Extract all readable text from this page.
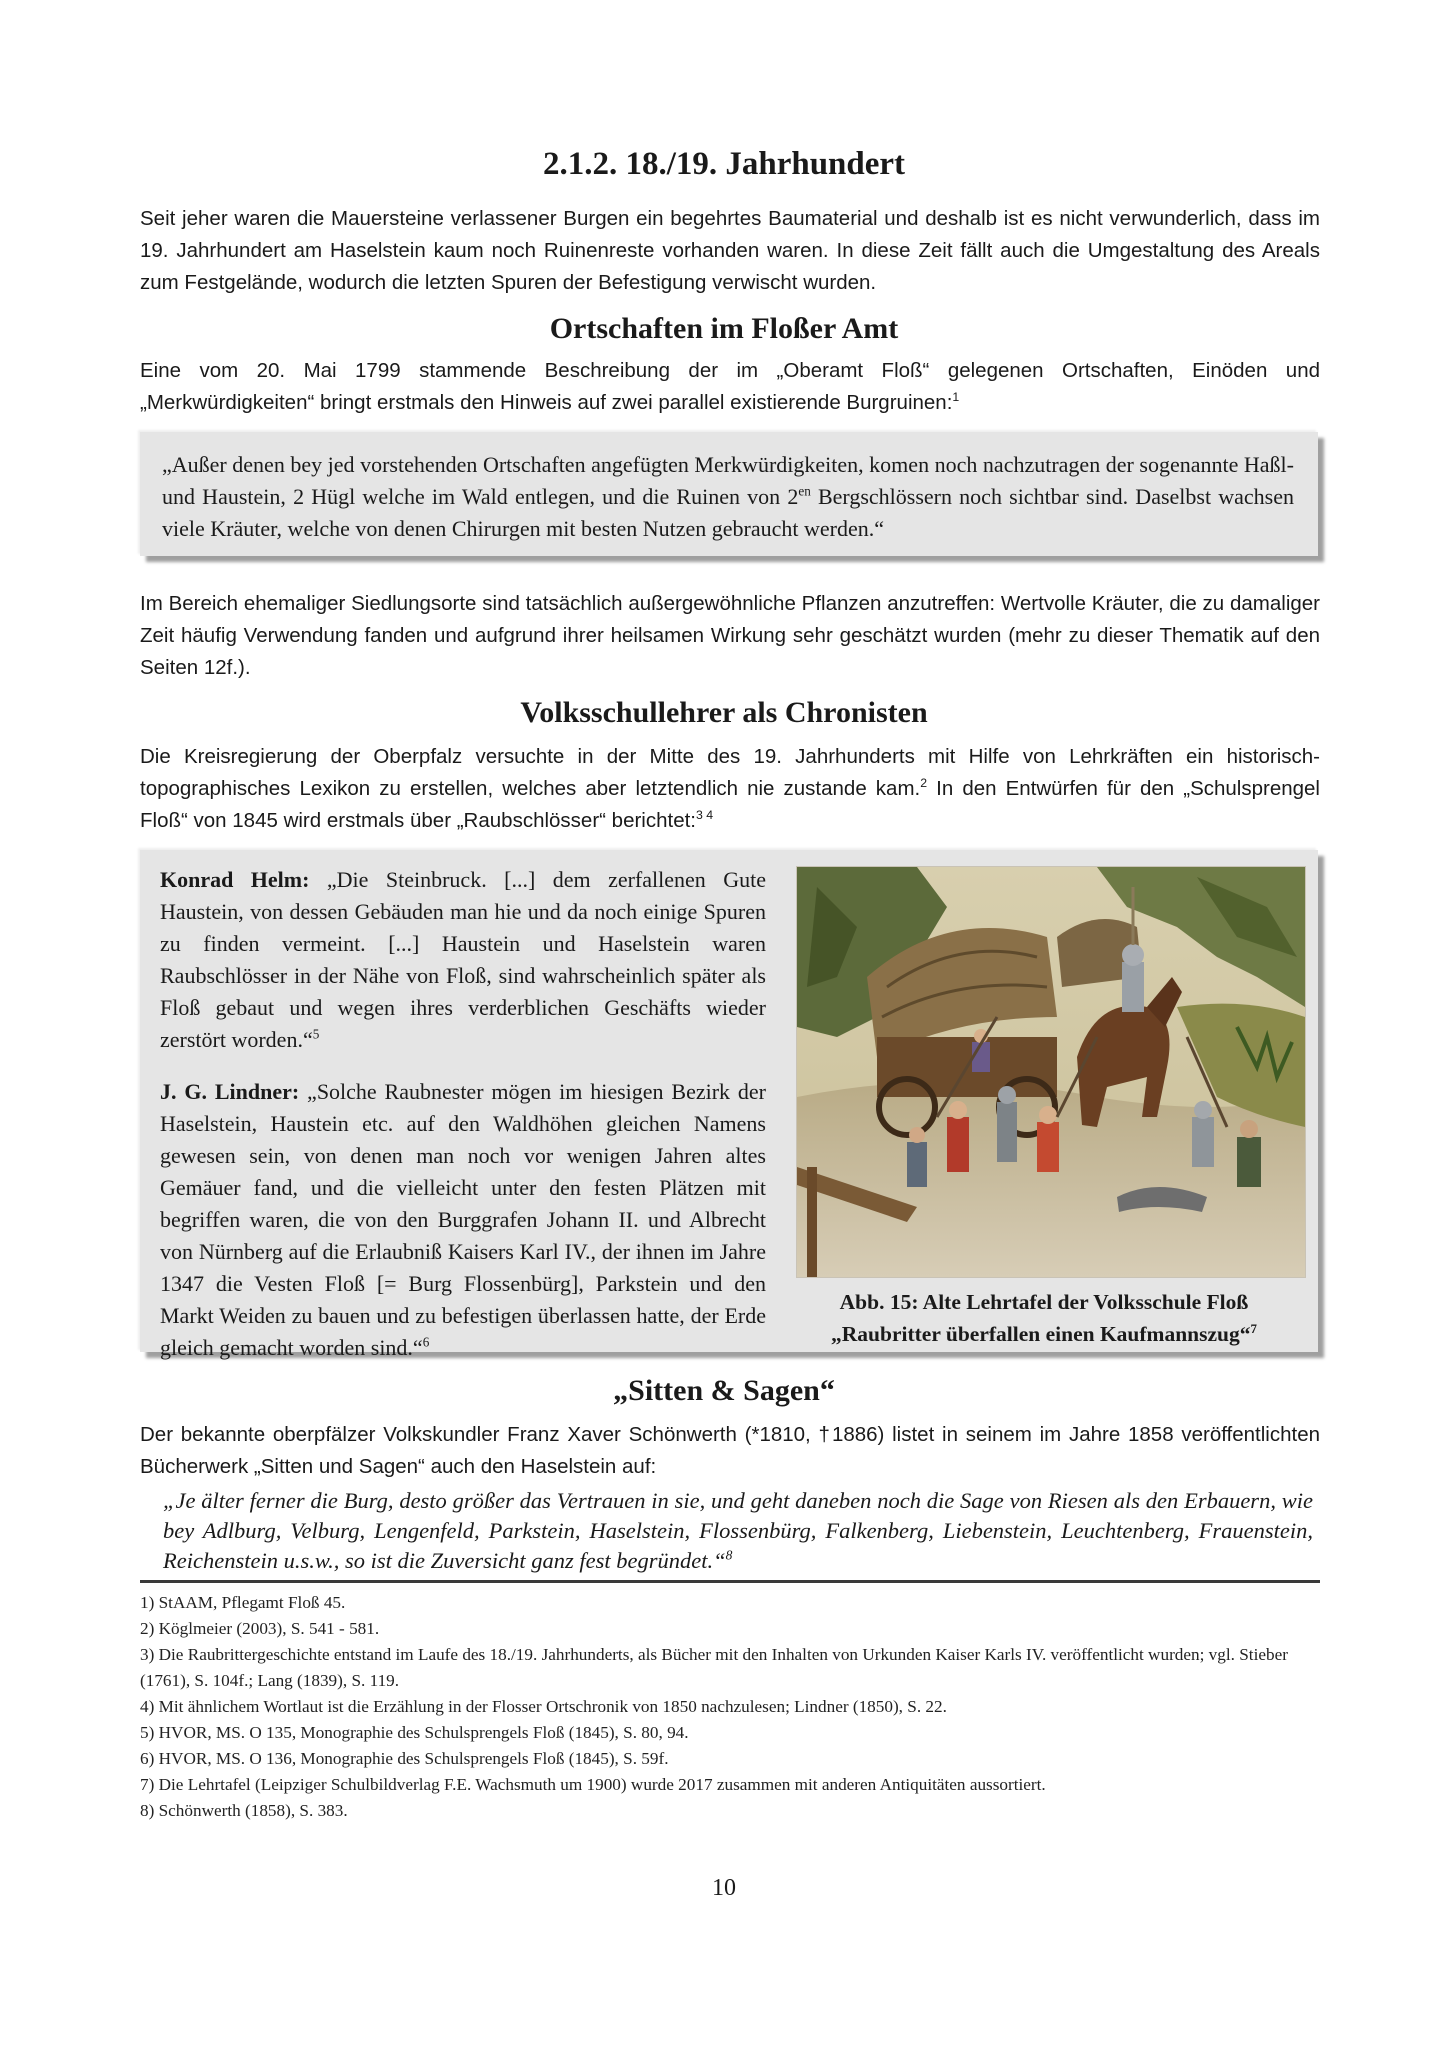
2.1.2. 18./19. Jahrhundert

Seit jeher waren die Mauersteine verlassener Burgen ein begehrtes Baumaterial und deshalb ist es nicht verwunderlich, dass im 19. Jahrhundert am Haselstein kaum noch Ruinenreste vorhanden waren. In diese Zeit fällt auch die Umgestaltung des Areals zum Festgelände, wodurch die letzten Spuren der Befestigung verwischt wurden.

Ortschaften im Floßer Amt

Eine vom 20. Mai 1799 stammende Beschreibung der im „Oberamt Floß“ gelegenen Ortschaften, Einöden und „Merkwürdigkeiten“ bringt erstmals den Hinweis auf zwei parallel existierende Burgruinen:$^1$

„Außer denen bey jed vorstehenden Ortschaften angefügten Merkwürdigkeiten, komen noch nachzutragen der sogenannte Haßl- und Haustein, 2 Hügl welche im Wald entlegen, und die Ruinen von $2^{en}$ Bergschlössern noch sichtbar sind. Daselbst wachsen viele Kräuter, welche von denen Chirurgen mit besten Nutzen gebraucht werden.“

Im Bereich ehemaliger Siedlungsorte sind tatsächlich außergewöhnliche Pflanzen anzutreffen: Wertvolle Kräuter, die zu damaliger Zeit häufig Verwendung fanden und aufgrund ihrer heilsamen Wirkung sehr geschätzt wurden (mehr zu dieser Thematik auf den Seiten 12f.).

Volksschullehrer als Chronisten

Die Kreisregierung der Oberpfalz versuchte in der Mitte des 19. Jahrhunderts mit Hilfe von Lehrkräften ein historisch-topographisches Lexikon zu erstellen, welches aber letztendlich nie zustande kam.$^2$ In den Entwürfen für den „Schulsprengel Floß“ von 1845 wird erstmals über „Raubschlösser“ berichtet:$^{3 4}$

Konrad Helm: „Die Steinbruck. [...] dem zerfallenen Gute Haustein, von dessen Gebäuden man hie und da noch einige Spuren zu finden vermeint. [...] Haustein und Haselstein waren Raubschlösser in der Nähe von Floß, sind wahrscheinlich später als Floß gebaut und wegen ihres verderblichen Geschäfts wieder zerstört worden.“$^5$

J. G. Lindner: „Solche Raubnester mögen im hiesigen Bezirk der Haselstein, Haustein etc. auf den Waldhöhen gleichen Namens gewesen sein, von denen man noch vor wenigen Jahren altes Gemäuer fand, und die vielleicht unter den festen Plätzen mit begriffen waren, die von den Burggrafen Johann II. und Albrecht von Nürnberg auf die Erlaubniß Kaisers Karl IV., der ihnen im Jahre 1347 die Vesten Floß [= Burg Flossenbürg], Parkstein und den Markt Weiden zu bauen und zu befestigen überlassen hatte, der Erde gleich gemacht worden sind.“$^6$

Abb. 15: Alte Lehrtafel der Volksschule Floß
„Raubritter überfallen einen Kaufmannszug“$^7$
„Sitten & Sagen“

Der bekannte oberpfälzer Volkskundler Franz Xaver Schönwerth (*1810, †1886) listet in seinem im Jahre 1858 veröffentlichten Bücherwerk „Sitten und Sagen“ auch den Haselstein auf:

„Je älter ferner die Burg, desto größer das Vertrauen in sie, und geht daneben noch die Sage von Riesen als den Erbauern, wie bey Adlburg, Velburg, Lengenfeld, Parkstein, Haselstein, Flossenbürg, Falkenberg, Liebenstein, Leuchtenberg, Frauenstein, Reichenstein u.s.w., so ist die Zuversicht ganz fest begründet.“$^8$

1) StAAM, Pflegamt Floß 45.
2) Köglmeier (2003), S. 541 - 581.
3) Die Raubrittergeschichte entstand im Laufe des 18./19. Jahrhunderts, als Bücher mit den Inhalten von Urkunden Kaiser Karls IV. veröffentlicht wurden; vgl. Stieber (1761), S. 104f.; Lang (1839), S. 119.
4) Mit ähnlichem Wortlaut ist die Erzählung in der Flosser Ortschronik von 1850 nachzulesen; Lindner (1850), S. 22.
5) HVOR, MS. O 135, Monographie des Schulsprengels Floß (1845), S. 80, 94.
6) HVOR, MS. O 136, Monographie des Schulsprengels Floß (1845), S. 59f.
7) Die Lehrtafel (Leipziger Schulbildverlag F.E. Wachsmuth um 1900) wurde 2017 zusammen mit anderen Antiquitäten aussortiert.
8) Schönwerth (1858), S. 383.
10
